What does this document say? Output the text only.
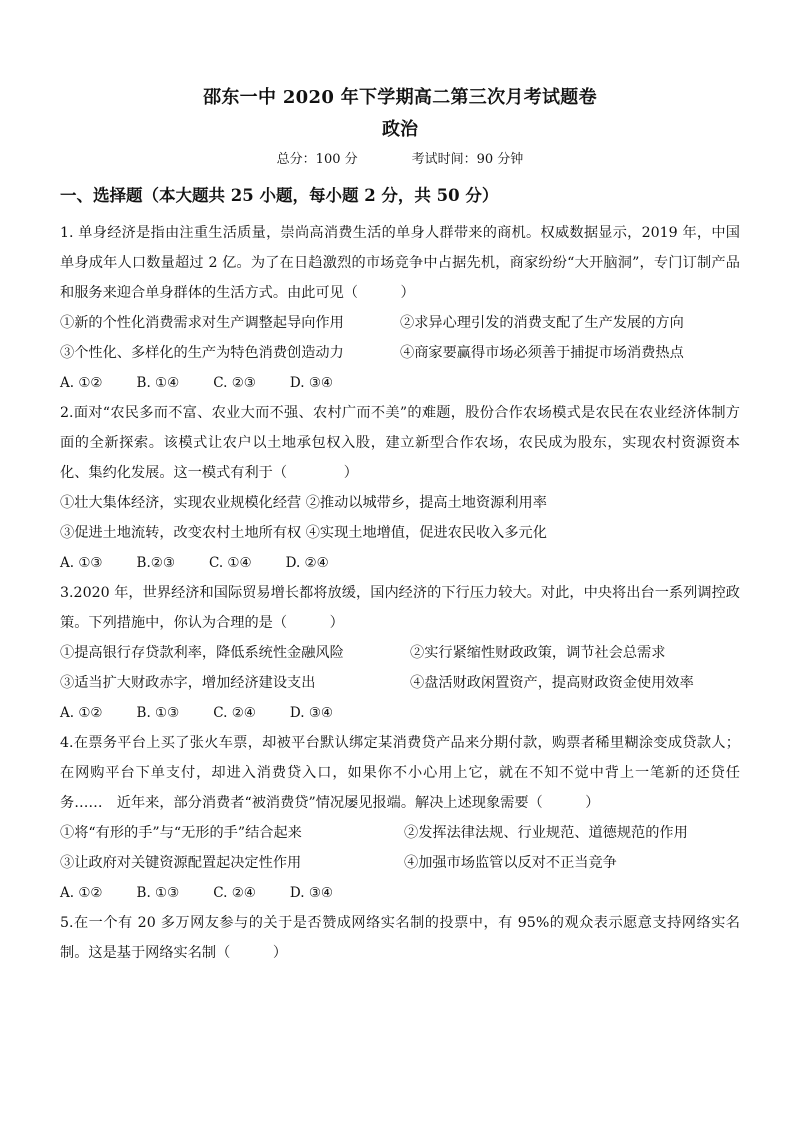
邵东一中 2020 年下学期高二第三次月考试题卷
政治
总分：100 分	考试时间：90 分钟
一、选择题（本大题共 25 小题，每小题 2 分，共 50 分）

1. 单身经济是指由注重生活质量，崇尚高消费生活的单身人群带来的商机。权威数据显示，2019 年，中国单身成年人口数量超过 2 亿。为了在日趋激烈的市场竞争中占据先机，商家纷纷“大开脑洞”，专门订制产品和服务来迎合单身群体的生活方式。由此可见（　　　）

①新的个性化消费需求对生产调整起导向作用	②求异心理引发的消费支配了生产发展的方向
③个性化、多样化的生产为特色消费创造动力	④商家要赢得市场必须善于捕捉市场消费热点
A. ①②	B. ①④	C. ②③	D. ③④

2.面对“农民多而不富、农业大而不强、农村广而不美”的难题，股份合作农场模式是农民在农业经济体制方面的全新探索。该模式让农户以土地承包权入股，建立新型合作农场，农民成为股东，实现农村资源资本化、集约化发展。这一模式有利于（　　　　）

①壮大集体经济，实现农业规模化经营 ②推动以城带乡，提高土地资源利用率
③促进土地流转，改变农村土地所有权 ④实现土地增值，促进农民收入多元化
A. ①③	B.②③	C. ①④	D. ②④

3.2020 年，世界经济和国际贸易增长都将放缓，国内经济的下行压力较大。对此，中央将出台一系列调控政策。下列措施中，你认为合理的是（　　　）

①提高银行存贷款利率，降低系统性金融风险	②实行紧缩性财政政策，调节社会总需求
③适当扩大财政赤字，增加经济建设支出	④盘活财政闲置资产，提高财政资金使用效率
A. ①②	B. ①③	C. ②④	D. ③④

4.在票务平台上买了张火车票，却被平台默认绑定某消费贷产品来分期付款，购票者稀里糊涂变成贷款人；在网购平台下单支付，却进入消费贷入口，如果你不小心用上它，就在不知不觉中背上一笔新的还贷任务……　近年来，部分消费者“被消费贷”情况屡见报端。解决上述现象需要（　　　）

①将“有形的手”与“无形的手”结合起来	②发挥法律法规、行业规范、道德规范的作用
③让政府对关键资源配置起决定性作用	④加强市场监管以反对不正当竞争
A. ①②	B. ①③	C. ②④	D. ③④

5.在一个有 20 多万网友参与的关于是否赞成网络实名制的投票中，有 95%的观众表示愿意支持网络实名制。这是基于网络实名制（　　　）
